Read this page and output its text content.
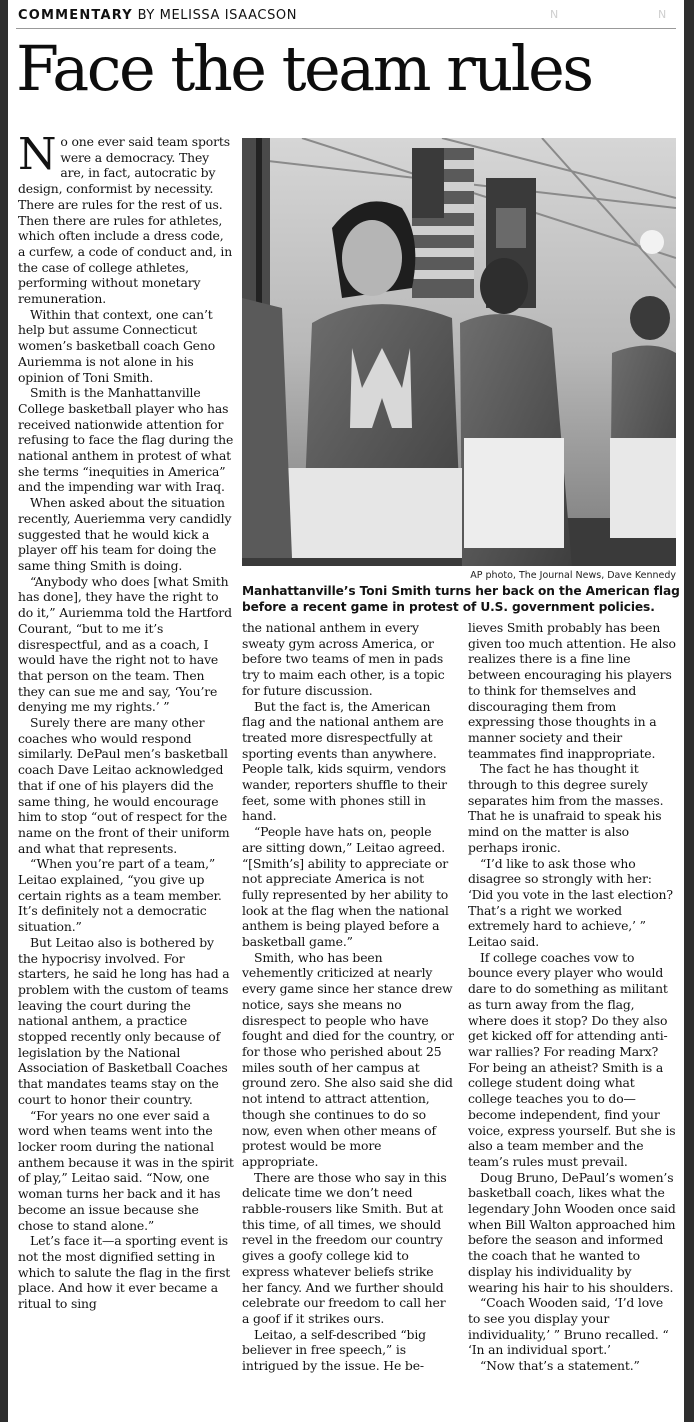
COMMENTARY BY MELISSA ISAACSON	N	N
Face the team rules

No one ever said team sports were a democracy. They are, in fact, autocratic by design, conformist by necessity. There are rules for the rest of us. Then there are rules for athletes, which often include a dress code, a curfew, a code of conduct and, in the case of college athletes, performing without monetary remuneration.

Within that context, one can’t help but assume Connecticut women’s basketball coach Geno Auriemma is not alone in his opinion of Toni Smith.

Smith is the Manhattanville College basketball player who has received nationwide attention for refusing to face the flag during the national anthem in protest of what she terms “inequities in America” and the impending war with Iraq.

When asked about the situation recently, Aueriemma very candidly suggested that he would kick a player off his team for doing the same thing Smith is doing.

“Anybody who does [what Smith has done], they have the right to do it,” Auriemma told the Hartford Courant, “but to me it’s disrespectful, and as a coach, I would have the right not to have that person on the team. Then they can sue me and say, ‘You’re denying me my rights.’ ”

Surely there are many other coaches who would respond similarly. DePaul men’s basketball coach Dave Leitao acknowledged that if one of his players did the same thing, he would encourage him to stop “out of respect for the name on the front of their uniform and what that represents.

“When you’re part of a team,” Leitao explained, “you give up certain rights as a team member. It’s definitely not a democratic situation.”

But Leitao also is bothered by the hypocrisy involved. For starters, he said he long has had a problem with the custom of teams leaving the court during the national anthem, a practice stopped recently only because of legislation by the National Association of Basketball Coaches that mandates teams stay on the court to honor their country.

“For years no one ever said a word when teams went into the locker room during the national anthem because it was in the spirit of play,” Leitao said. “Now, one woman turns her back and it has become an issue because she chose to stand alone.”

Let’s face it—a sporting event is not the most dignified setting in which to salute the flag in the first place. And how it ever became a ritual to sing

AP photo, The Journal News, Dave Kennedy
Manhattanville’s Toni Smith turns her back on the American flag before a recent game in protest of U.S. government policies.

the national anthem in every sweaty gym across America, or before two teams of men in pads try to maim each other, is a topic for future discussion.

But the fact is, the American flag and the national anthem are treated more disrespectfully at sporting events than anywhere. People talk, kids squirm, vendors wander, reporters shuffle to their feet, some with phones still in hand.

“People have hats on, people are sitting down,” Leitao agreed. “[Smith’s] ability to appreciate or not appreciate America is not fully represented by her ability to look at the flag when the national anthem is being played before a basketball game.”

Smith, who has been vehemently criticized at nearly every game since her stance drew notice, says she means no disrespect to people who have fought and died for the country, or for those who perished about 25 miles south of her campus at ground zero. She also said she did not intend to attract attention, though she continues to do so now, even when other means of protest would be more appropriate.

There are those who say in this delicate time we don’t need rabble-rousers like Smith. But at this time, of all times, we should revel in the freedom our country gives a goofy college kid to express whatever beliefs strike her fancy. And we further should celebrate our freedom to call her a goof if it strikes ours.

Leitao, a self-described “big believer in free speech,” is intrigued by the issue. He be-

lieves Smith probably has been given too much attention. He also realizes there is a fine line between encouraging his players to think for themselves and discouraging them from expressing those thoughts in a manner society and their teammates find inappropriate.

The fact he has thought it through to this degree surely separates him from the masses. That he is unafraid to speak his mind on the matter is also perhaps ironic.

“I’d like to ask those who disagree so strongly with her: ‘Did you vote in the last election? That’s a right we worked extremely hard to achieve,’ ” Leitao said.

If college coaches vow to bounce every player who would dare to do something as militant as turn away from the flag, where does it stop? Do they also get kicked off for attending anti-war rallies? For reading Marx? For being an atheist? Smith is a college student doing what college teaches you to do—become independent, find your voice, express yourself. But she is also a team member and the team’s rules must prevail.

Doug Bruno, DePaul’s women’s basketball coach, likes what the legendary John Wooden once said when Bill Walton approached him before the season and informed the coach that he wanted to display his individuality by wearing his hair to his shoulders.

“Coach Wooden said, ‘I’d love to see you display your individuality,’ ” Bruno recalled. “ ‘In an individual sport.’

“Now that’s a statement.”
